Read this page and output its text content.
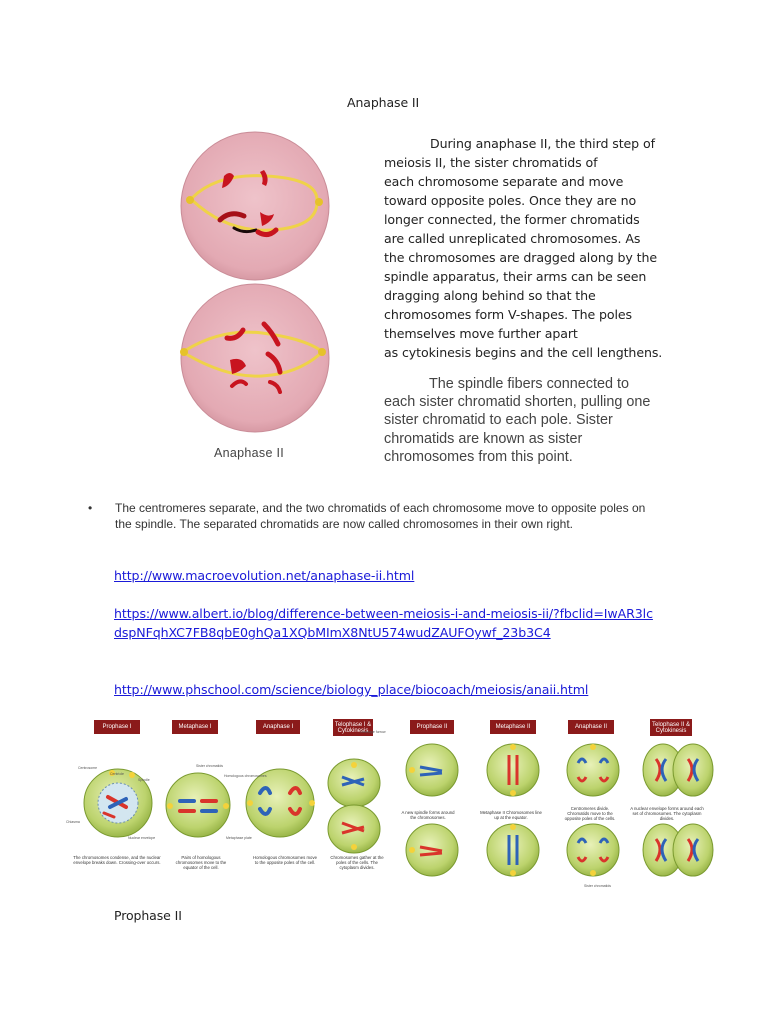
Anaphase II
Anaphase II

During anaphase II, the third step of

meiosis II, the sister chromatids of

each chromosome separate and move

toward opposite poles. Once they are no

longer connected, the former chromatids

are called unreplicated chromosomes. As

the chromosomes are dragged along by the

spindle apparatus, their arms can be seen

dragging along behind so that the

chromosomes form V-shapes. The poles

themselves move further apart

as cytokinesis begins and the cell lengthens.

The spindle fibers connected to each sister chromatid shorten, pulling one sister chromatid to each pole. Sister chromatids are known as sister chromosomes from this point.
• The centromeres separate, and the two chromatids of each chromosome move to opposite poles on the spindle. The separated chromatids are now called chromosomes in their own right.
http://www.macroevolution.net/anaphase-ii.html
https://www.albert.io/blog/difference-between-meiosis-i-and-meiosis-ii/?fbclid=IwAR3lcdspNFqhXC7FB8qbE0ghQa1XQbMImX8NtU574wudZAUFOywf_23b3C4
http://www.phschool.com/science/biology_place/biocoach/meiosis/anaii.html
Prophase I	Metaphase I	Anaphase I	Telophase I & Cytokinesis
Prophase II	Metaphase II	Anaphase II	Telophase II & Cytokinesis
Centrosome
Centriole
Spindle
Chiasma
Nuclear envelope
Sister chromatids
Homologous chromosomes
Metaphase plate
Cleavage furrow
Sister chromatids
The chromosomes condense, and the nuclear envelope breaks down. Crossing-over occurs.
Pairs of homologous chromosomes move to the equator of the cell.
Homologous chromosomes move to the opposite poles of the cell.
Chromosomes gather at the poles of the cells. The cytoplasm divides.
A new spindle forms around the chromosomes.
Metaphase II Chromosomes line up at the equator.
Centromeres divide. Chromatids move to the opposite poles of the cells.
A nuclear envelope forms around each set of chromosomes. The cytoplasm divides.
Prophase II
